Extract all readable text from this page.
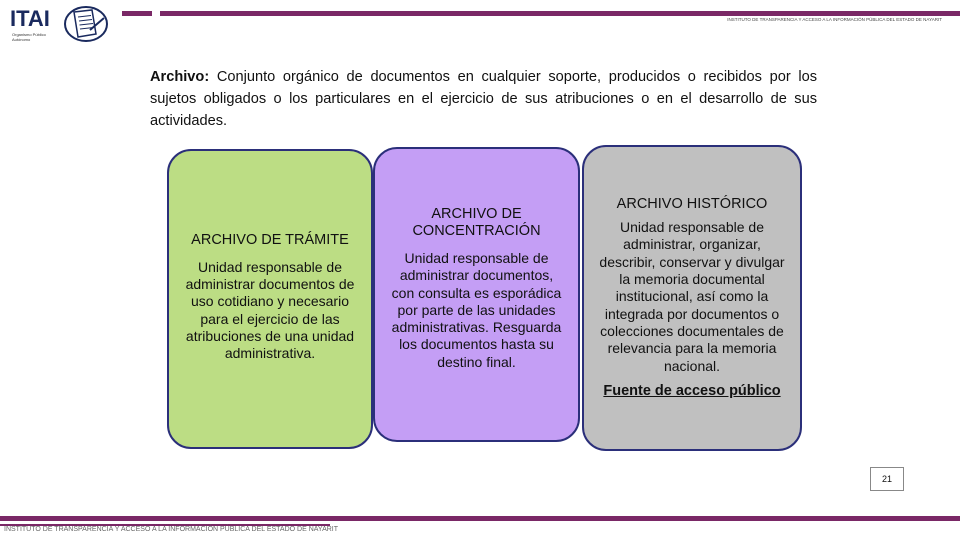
ITAI
Organismo Público Autónomo
INSTITUTO DE TRANSPARENCIA Y ACCESO A LA INFORMACIÓN PÚBLICA DEL ESTADO DE NAYARIT
Archivo: Conjunto orgánico de documentos en cualquier soporte, producidos o recibidos por los sujetos obligados o los particulares en el ejercicio de sus atribuciones o en el desarrollo de sus actividades.
ARCHIVO DE TRÁMITE
Unidad responsable de administrar documentos de uso cotidiano y necesario para el ejercicio de las atribuciones de una unidad administrativa.
ARCHIVO DE CONCENTRACIÓN
Unidad responsable de administrar documentos, con consulta es esporádica por parte de las unidades administrativas. Resguarda los documentos hasta su destino final.
ARCHIVO HISTÓRICO
Unidad responsable de administrar, organizar, describir, conservar y divulgar la memoria documental institucional, así como la integrada por documentos o colecciones documentales de relevancia para la memoria nacional.
Fuente de acceso público
21
INSTITUTO DE TRANSPARENCIA Y ACCESO A LA INFORMACIÓN PÚBLICA DEL ESTADO DE NAYARIT
